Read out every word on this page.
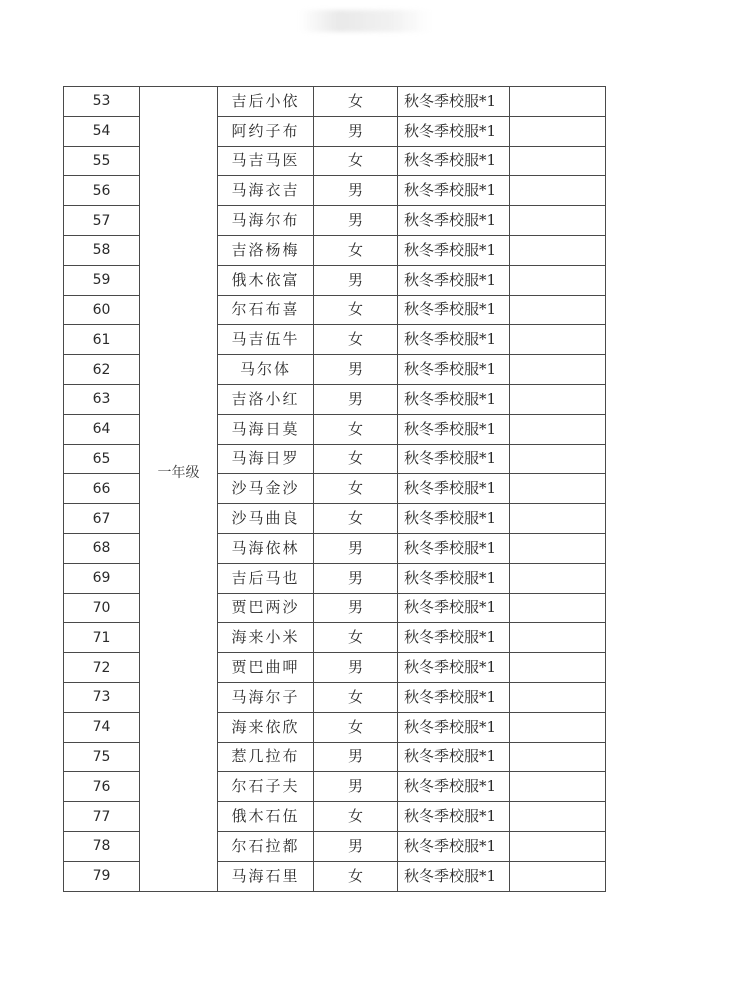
53	一年级	吉后小依	女	秋冬季校服*1	
54		阿约子布	男	秋冬季校服*1	
55		马吉马医	女	秋冬季校服*1	
56		马海衣吉	男	秋冬季校服*1	
57		马海尔布	男	秋冬季校服*1	
58		吉洛杨梅	女	秋冬季校服*1	
59		俄木依富	男	秋冬季校服*1	
60		尔石布喜	女	秋冬季校服*1	
61		马吉伍牛	女	秋冬季校服*1	
62		马尔体	男	秋冬季校服*1	
63		吉洛小红	男	秋冬季校服*1	
64		马海日莫	女	秋冬季校服*1	
65		马海日罗	女	秋冬季校服*1	
66		沙马金沙	女	秋冬季校服*1	
67		沙马曲良	女	秋冬季校服*1	
68		马海依林	男	秋冬季校服*1	
69		吉后马也	男	秋冬季校服*1	
70		贾巴两沙	男	秋冬季校服*1	
71		海来小米	女	秋冬季校服*1	
72		贾巴曲呷	男	秋冬季校服*1	
73		马海尔子	女	秋冬季校服*1	
74		海来依欣	女	秋冬季校服*1	
75		惹几拉布	男	秋冬季校服*1	
76		尔石子夫	男	秋冬季校服*1	
77		俄木石伍	女	秋冬季校服*1	
78		尔石拉都	男	秋冬季校服*1	
79		马海石里	女	秋冬季校服*1	
